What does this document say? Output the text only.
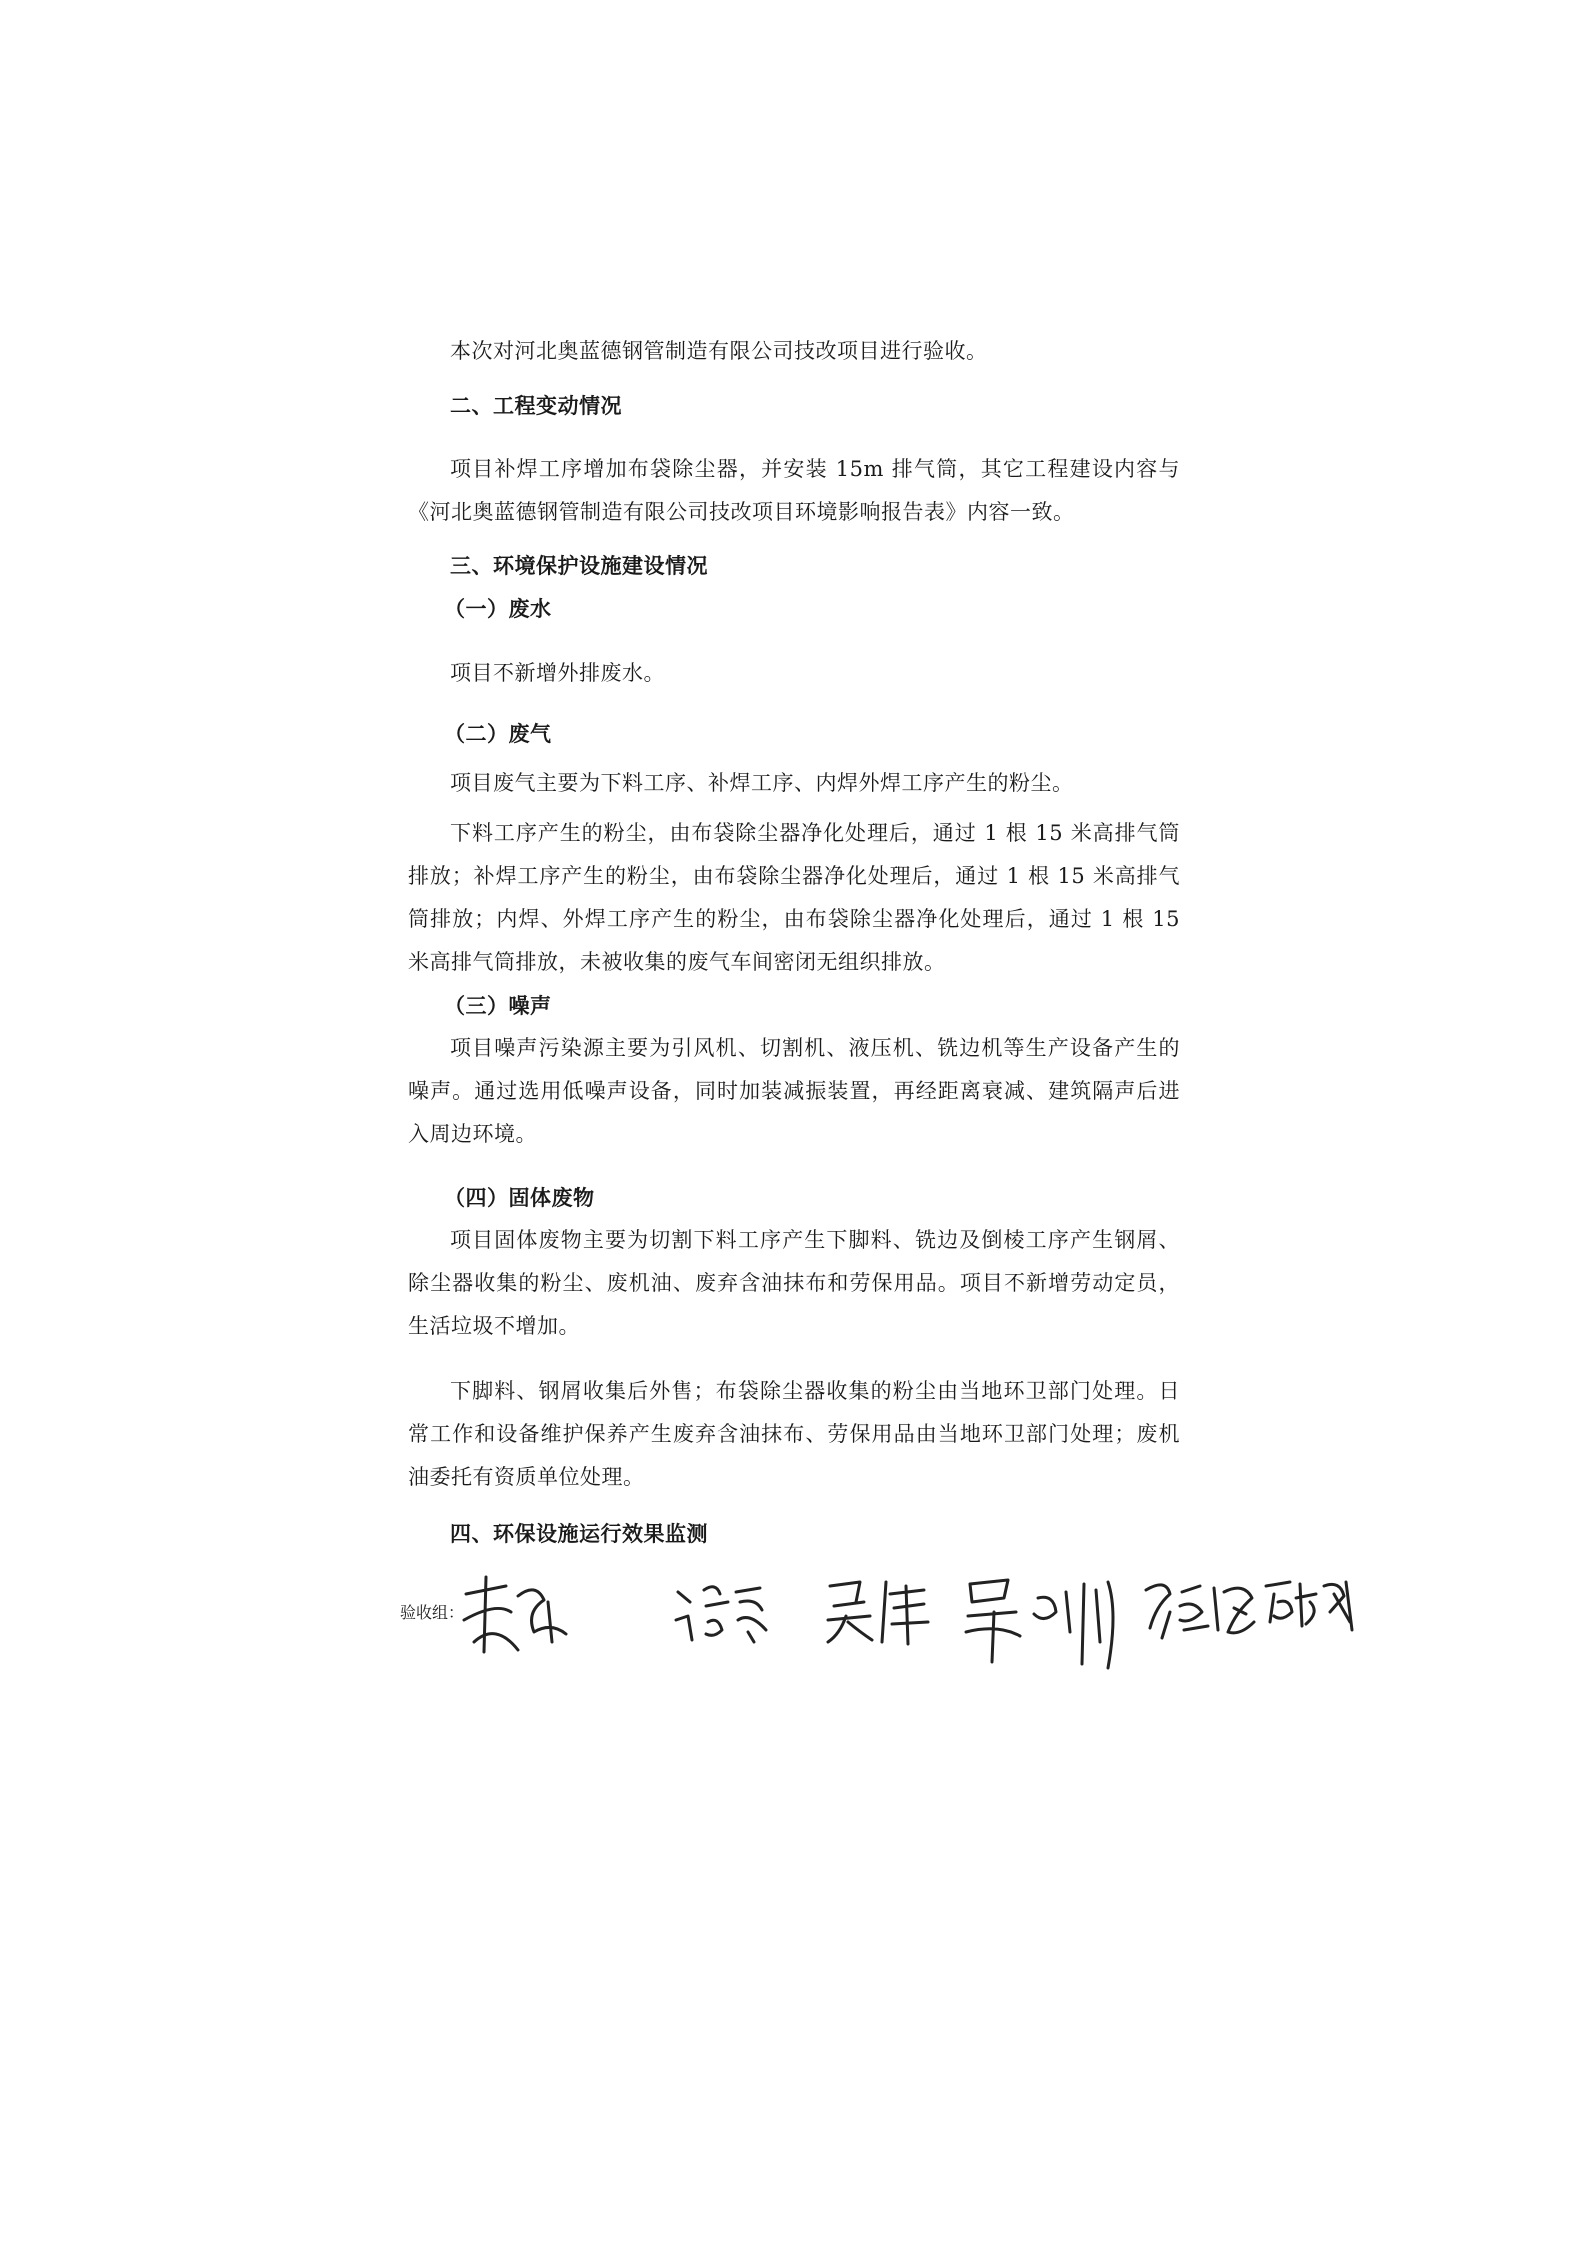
本次对河北奥蓝德钢管制造有限公司技改项目进行验收。

二、工程变动情况

项目补焊工序增加布袋除尘器，并安装 15m 排气筒，其它工程建设内容与《河北奥蓝德钢管制造有限公司技改项目环境影响报告表》内容一致。

三、环境保护设施建设情况

（一）废水

项目不新增外排废水。

（二）废气

项目废气主要为下料工序、补焊工序、内焊外焊工序产生的粉尘。

下料工序产生的粉尘，由布袋除尘器净化处理后，通过 1 根 15 米高排气筒排放；补焊工序产生的粉尘，由布袋除尘器净化处理后，通过 1 根 15 米高排气筒排放；内焊、外焊工序产生的粉尘，由布袋除尘器净化处理后，通过 1 根 15 米高排气筒排放，未被收集的废气车间密闭无组织排放。

（三）噪声

项目噪声污染源主要为引风机、切割机、液压机、铣边机等生产设备产生的噪声。通过选用低噪声设备，同时加装减振装置，再经距离衰减、建筑隔声后进入周边环境。

（四）固体废物

项目固体废物主要为切割下料工序产生下脚料、铣边及倒棱工序产生钢屑、除尘器收集的粉尘、废机油、废弃含油抹布和劳保用品。项目不新增劳动定员，生活垃圾不增加。

下脚料、钢屑收集后外售；布袋除尘器收集的粉尘由当地环卫部门处理。日常工作和设备维护保养产生废弃含油抹布、劳保用品由当地环卫部门处理；废机油委托有资质单位处理。

四、环保设施运行效果监测

验收组：
